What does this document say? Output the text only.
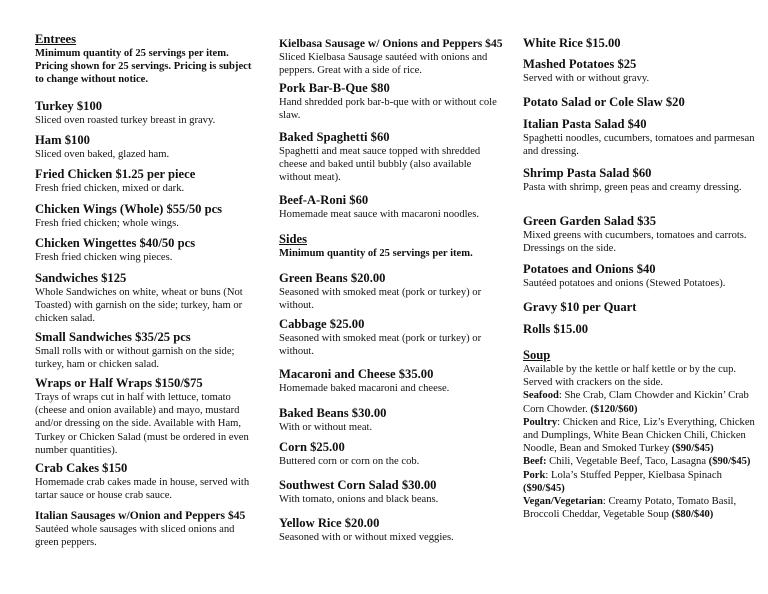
Entrees
Minimum quantity of 25 servings per item. Pricing shown for 25 servings. Pricing is subject to change without notice.
Turkey $100
Sliced oven roasted turkey breast in gravy.
Ham $100
Sliced oven baked, glazed ham.
Fried Chicken $1.25 per piece
Fresh fried chicken, mixed or dark.
Chicken Wings (Whole) $55/50 pcs
Fresh fried chicken; whole wings.
Chicken Wingettes $40/50 pcs
Fresh fried chicken wing pieces.
Sandwiches $125
Whole Sandwiches on white, wheat or buns (Not Toasted) with garnish on the side; turkey, ham or chicken salad.
Small Sandwiches $35/25 pcs
Small rolls with or without garnish on the side; turkey, ham or chicken salad.
Wraps or Half Wraps $150/$75
Trays of wraps cut in half with lettuce, tomato (cheese and onion available) and mayo, mustard and/or dressing on the side. Available with Ham, Turkey or Chicken Salad (must be ordered in even number quantities).
Crab Cakes $150
Homemade crab cakes made in house, served with tartar sauce or house crab sauce.
Italian Sausages w/Onion and Peppers $45
Sautéed whole sausages with sliced onions and green peppers.
Kielbasa Sausage w/ Onions and Peppers $45
Sliced Kielbasa Sausage sautéed with onions and peppers. Great with a side of rice.
Pork Bar-B-Que $80
Hand shredded pork bar-b-que with or without cole slaw.
Baked Spaghetti $60
Spaghetti and meat sauce topped with shredded cheese and baked until bubbly (also available without meat).
Beef-A-Roni $60
Homemade meat sauce with macaroni noodles.
Sides
Minimum quantity of 25 servings per item.
Green Beans $20.00
Seasoned with smoked meat (pork or turkey) or without.
Cabbage $25.00
Seasoned with smoked meat (pork or turkey) or without.
Macaroni and Cheese $35.00
Homemade baked macaroni and cheese.
Baked Beans $30.00
With or without meat.
Corn $25.00
Buttered corn or corn on the cob.
Southwest Corn Salad $30.00
With tomato, onions and black beans.
Yellow Rice $20.00
Seasoned with or without mixed veggies.
White Rice $15.00
Mashed Potatoes $25
Served with or without gravy.
Potato Salad or Cole Slaw $20
Italian Pasta Salad $40
Spaghetti noodles, cucumbers, tomatoes and parmesan and dressing.
Shrimp Pasta Salad $60
Pasta with shrimp, green peas and creamy dressing.
Green Garden Salad $35
Mixed greens with cucumbers, tomatoes and carrots. Dressings on the side.
Potatoes and Onions $40
Sautéed potatoes and onions (Stewed Potatoes).
Gravy $10 per Quart
Rolls $15.00
Soup
Available by the kettle or half kettle or by the cup. Served with crackers on the side.
Seafood: She Crab, Clam Chowder and Kickin’ Crab Corn Chowder. ($120/$60)
Poultry: Chicken and Rice, Liz’s Everything, Chicken and Dumplings, White Bean Chicken Chili, Chicken Noodle, Bean and Smoked Turkey ($90/$45)
Beef: Chili, Vegetable Beef, Taco, Lasagna ($90/$45)
Pork: Lola’s Stuffed Pepper, Kielbasa Spinach ($90/$45)
Vegan/Vegetarian: Creamy Potato, Tomato Basil, Broccoli Cheddar, Vegetable Soup ($80/$40)
